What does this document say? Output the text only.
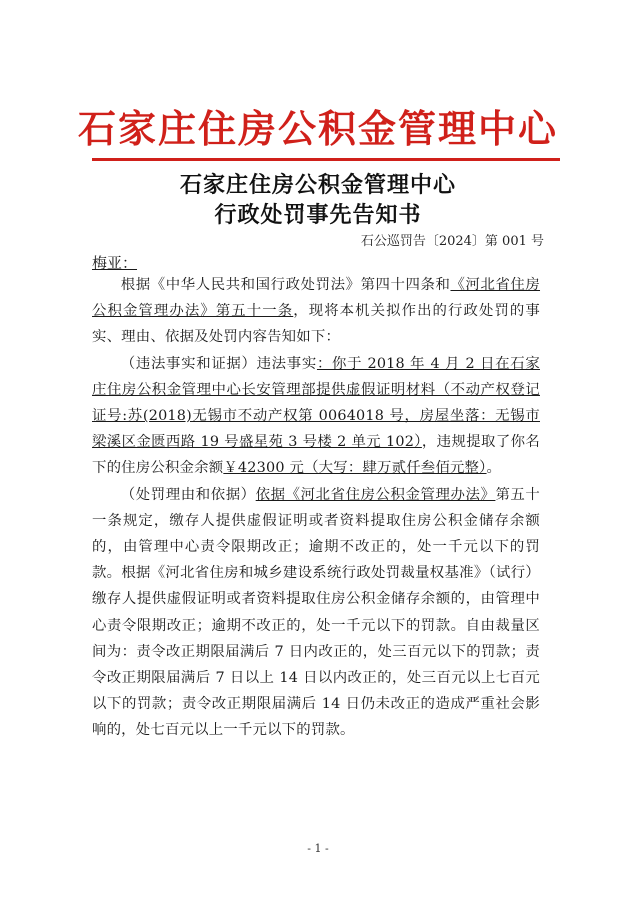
石家庄住房公积金管理中心
石家庄住房公积金管理中心
行政处罚事先告知书
石公巡罚告〔2024〕第 001 号
梅亚：

根据《中华人民共和国行政处罚法》第四十四条和《河北省住房公积金管理办法》第五十一条，现将本机关拟作出的行政处罚的事实、理由、依据及处罚内容告知如下：

（违法事实和证据）违法事实：你于 2018 年 4 月 2 日在石家庄住房公积金管理中心长安管理部提供虚假证明材料（不动产权登记证号:苏(2018)无锡市不动产权第 0064018 号，房屋坐落：无锡市梁溪区金匮西路 19 号盛星苑 3 号楼 2 单元 102），违规提取了你名下的住房公积金余额￥42300 元（大写：肆万贰仟叁佰元整）。

（处罚理由和依据）依据《河北省住房公积金管理办法》第五十一条规定，缴存人提供虚假证明或者资料提取住房公积金储存余额的，由管理中心责令限期改正；逾期不改正的，处一千元以下的罚款。根据《河北省住房和城乡建设系统行政处罚裁量权基准》（试行）缴存人提供虚假证明或者资料提取住房公积金储存余额的，由管理中心责令限期改正；逾期不改正的，处一千元以下的罚款。自由裁量区间为：责令改正期限届满后 7 日内改正的，处三百元以下的罚款；责令改正期限届满后 7 日以上 14 日以内改正的，处三百元以上七百元以下的罚款；责令改正期限届满后 14 日仍未改正的造成严重社会影响的，处七百元以上一千元以下的罚款。

- 1 -
